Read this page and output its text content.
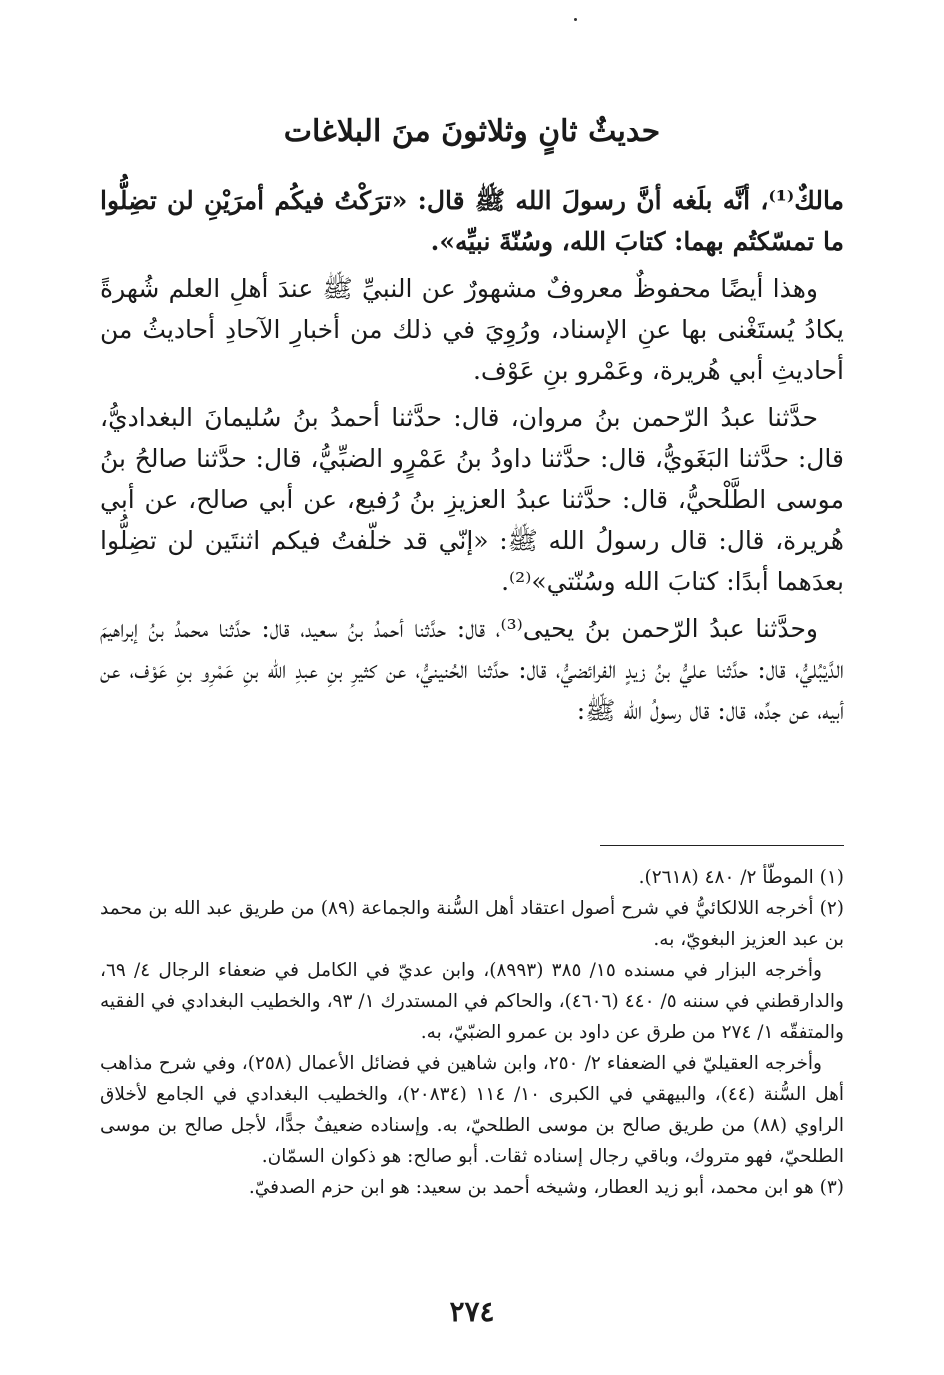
حديثٌ ثانٍ وثلاثونَ منَ البلاغات

مالكٌ⁽¹⁾، أنَّه بلَغه أنَّ رسولَ الله ﷺ قال: «ترَكْتُ فيكُم أمرَيْنِ لن تضِلُّوا ما تمسّكتُم بهما: كتابَ الله، وسُنّةَ نبيِّه».

وهذا أيضًا محفوظٌ معروفٌ مشهورٌ عن النبيِّ ﷺ عندَ أهلِ العلم شُهرةً يكادُ يُستَغْنى بها عنِ الإسناد، ورُوِيَ في ذلك من أخبارِ الآحادِ أحاديثُ من أحاديثِ أبي هُريرة، وعَمْرو بنِ عَوْف.

حدَّثنا عبدُ الرّحمن بنُ مروان، قال: حدَّثنا أحمدُ بنُ سُليمانَ البغداديُّ، قال: حدَّثنا البَغَويُّ، قال: حدَّثنا داودُ بنُ عَمْرٍو الضبِّيُّ، قال: حدَّثنا صالحُ بنُ موسى الطَّلْحيُّ، قال: حدَّثنا عبدُ العزيزِ بنُ رُفيع، عن أبي صالح، عن أبي هُريرة، قال: قال رسولُ الله ﷺ: «إنّي قد خلّفتُ فيكم اثنتَين لن تضِلُّوا بعدَهما أبدًا: كتابَ الله وسُنّتي»⁽²⁾.

وحدَّثنا عبدُ الرّحمن بنُ يحيى⁽³⁾، قال: حدَّثنا أحمدُ بنُ سعيد، قال: حدَّثنا محمدُ بنُ إبراهيمَ الدَّيْبُليُّ، قال: حدَّثنا عليُّ بنُ زيدٍ الفرائضيُّ، قال: حدَّثنا الحُنينيُّ، عن كثيرِ بنِ عبدِ الله بنِ عَمْرِو بنِ عَوْف، عن أبيه، عن جدِّه، قال: قال رسولُ الله ﷺ:

(١) الموطّأ ٢/ ٤٨٠ (٢٦١٨).

(٢) أخرجه اللالكائيُّ في شرح أصول اعتقاد أهل السُّنة والجماعة (٨٩) من طريق عبد الله بن محمد بن عبد العزيز البغويّ، به.

وأخرجه البزار في مسنده ١٥/ ٣٨٥ (٨٩٩٣)، وابن عديّ في الكامل في ضعفاء الرجال ٤/ ٦٩، والدارقطني في سننه ٥/ ٤٤٠ (٤٦٠٦)، والحاكم في المستدرك ١/ ٩٣، والخطيب البغدادي في الفقيه والمتفقّه ١/ ٢٧٤ من طرق عن داود بن عمرو الضبّيّ، به.

وأخرجه العقيليّ في الضعفاء ٢/ ٢٥٠، وابن شاهين في فضائل الأعمال (٢٥٨)، وفي شرح مذاهب أهل السُّنة (٤٤)، والبيهقي في الكبرى ١٠/ ١١٤ (٢٠٨٣٤)، والخطيب البغدادي في الجامع لأخلاق الراوي (٨٨) من طريق صالح بن موسى الطلحيّ، به. وإسناده ضعيفٌ جدًّا، لأجل صالح بن موسى الطلحيّ، فهو متروك، وباقي رجال إسناده ثقات. أبو صالح: هو ذكوان السمّان.

(٣) هو ابن محمد، أبو زيد العطار، وشيخه أحمد بن سعيد: هو ابن حزم الصدفيّ.

٢٧٤
